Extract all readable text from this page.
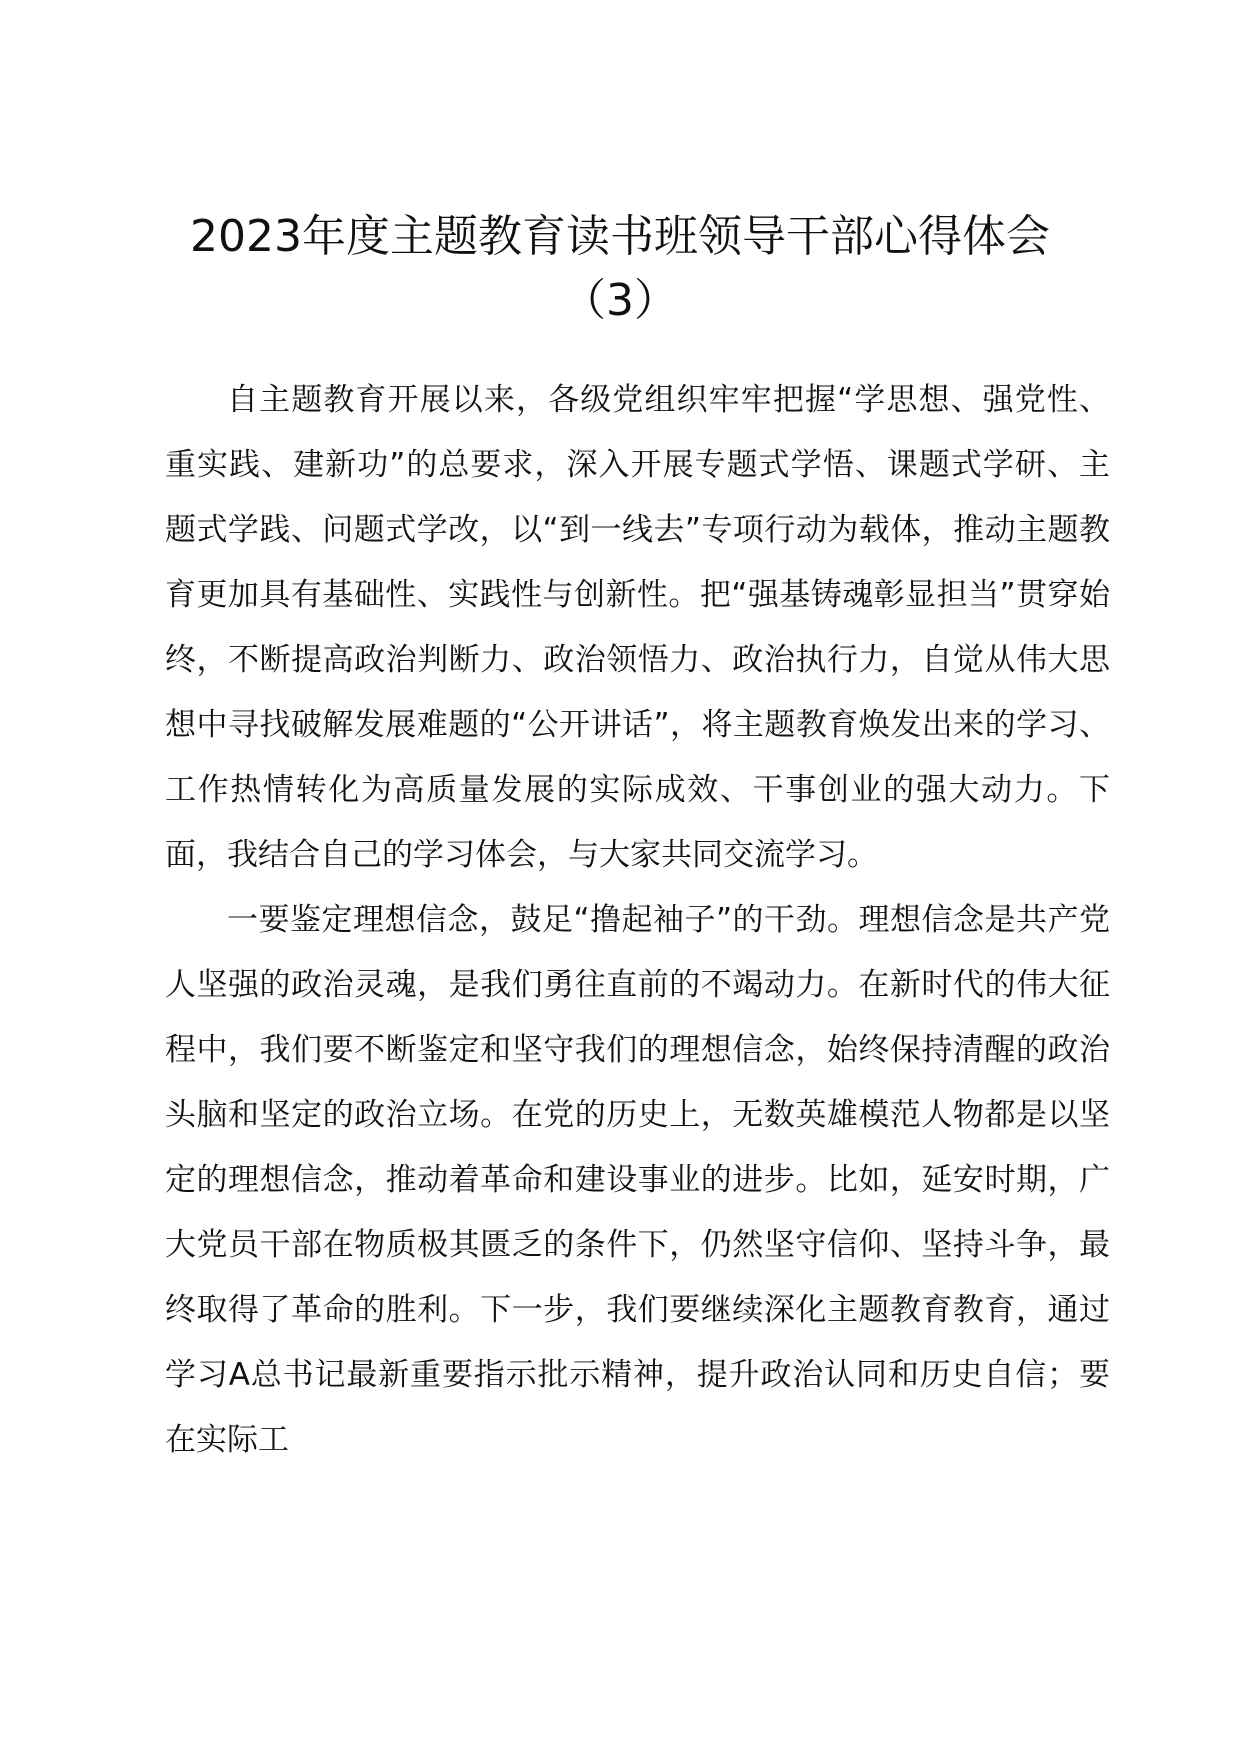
2023年度主题教育读书班领导干部心得体会
（3）

自主题教育开展以来，各级党组织牢牢把握“学思想、强党性、重实践、建新功”的总要求，深入开展专题式学悟、课题式学研、主题式学践、问题式学改，以“到一线去”专项行动为载体，推动主题教育更加具有基础性、实践性与创新性。把“强基铸魂彰显担当”贯穿始终，不断提高政治判断力、政治领悟力、政治执行力，自觉从伟大思想中寻找破解发展难题的“公开讲话”，将主题教育焕发出来的学习、工作热情转化为高质量发展的实际成效、干事创业的强大动力。下面，我结合自己的学习体会，与大家共同交流学习。

一要鉴定理想信念，鼓足“撸起袖子”的干劲。理想信念是共产党人坚强的政治灵魂，是我们勇往直前的不竭动力。在新时代的伟大征程中，我们要不断鉴定和坚守我们的理想信念，始终保持清醒的政治头脑和坚定的政治立场。在党的历史上，无数英雄模范人物都是以坚定的理想信念，推动着革命和建设事业的进步。比如，延安时期，广大党员干部在物质极其匮乏的条件下，仍然坚守信仰、坚持斗争，最终取得了革命的胜利。下一步，我们要继续深化主题教育教育，通过学习A总书记最新重要指示批示精神，提升政治认同和历史自信；要在实际工
